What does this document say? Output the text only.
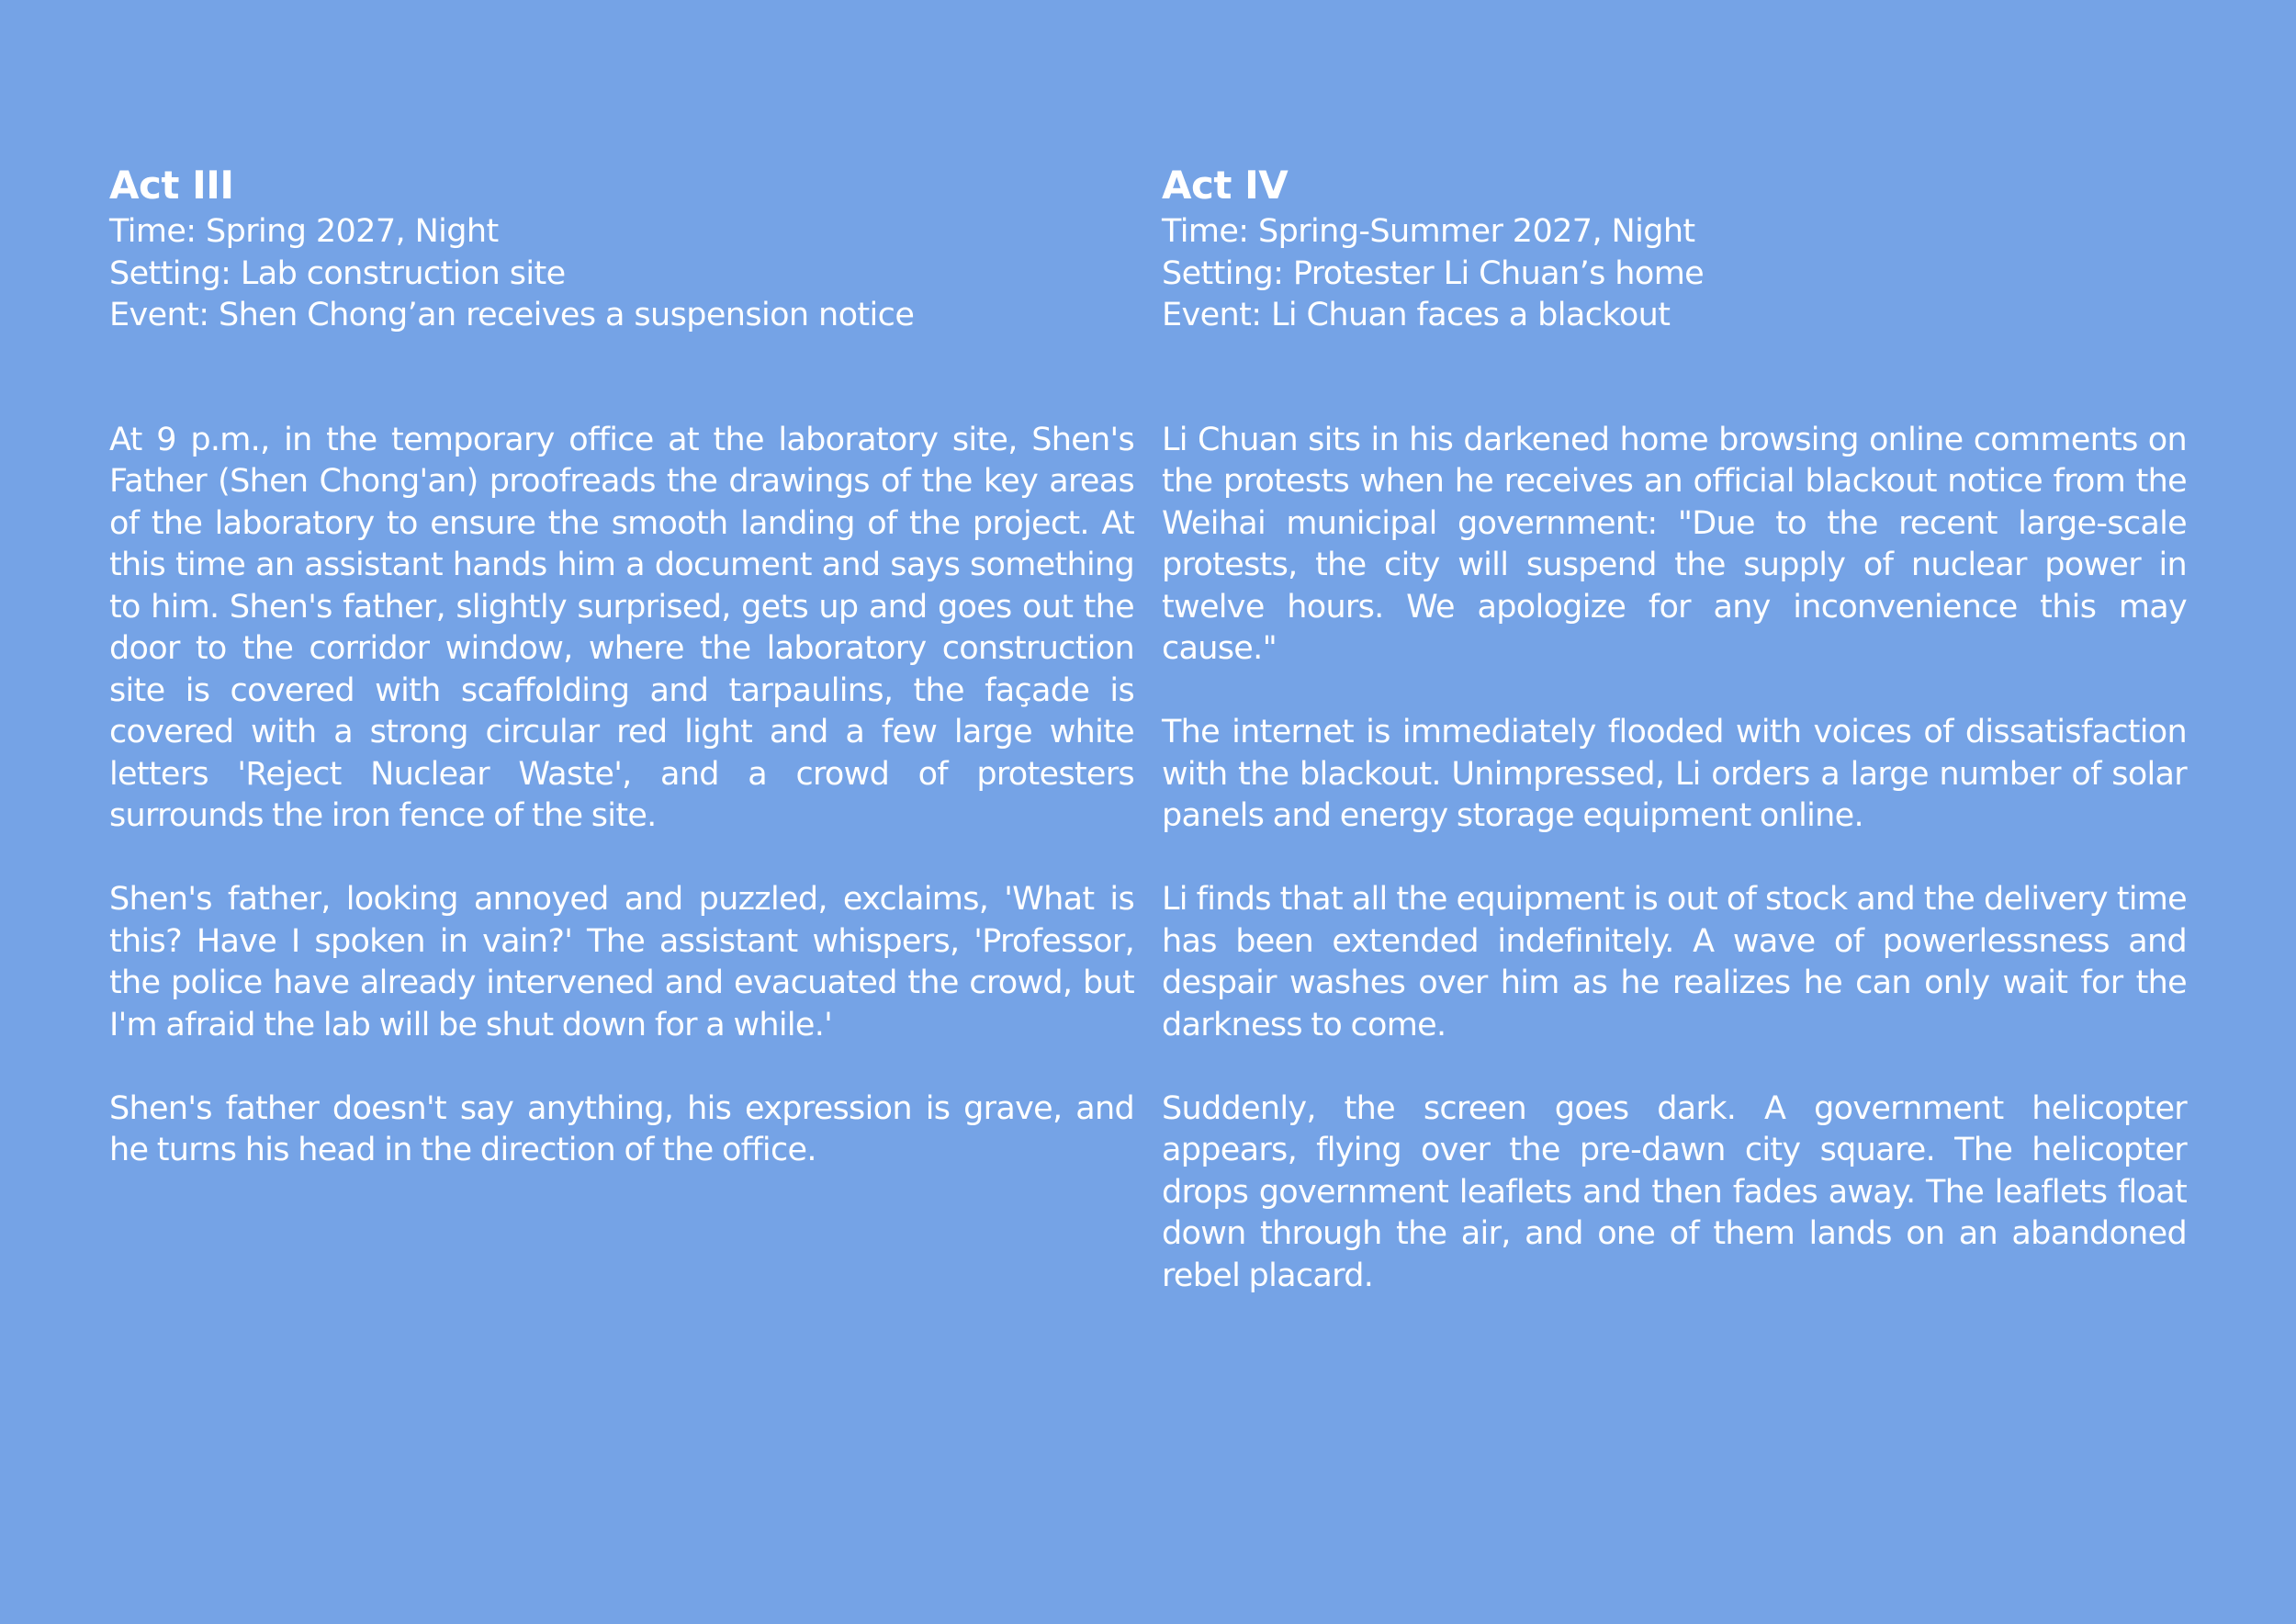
Act III

Time: Spring 2027, Night

Setting: Lab construction site

Event: Shen Chong’an receives a suspension notice

At 9 p.m., in the temporary office at the laboratory site, Shen's Father (Shen Chong'an) proofreads the drawings of the key areas of the laboratory to ensure the smooth landing of the project. At this time an assistant hands him a document and says something to him. Shen's father, slightly surprised, gets up and goes out the door to the corridor window, where the laboratory construction site is covered with scaffolding and tarpaulins, the façade is covered with a strong circular red light and a few large white letters 'Reject Nuclear Waste', and a crowd of protesters surrounds the iron fence of the site.

Shen's father, looking annoyed and puzzled, exclaims, 'What is this? Have I spoken in vain?' The assistant whispers, 'Professor, the police have already intervened and evacuated the crowd, but I'm afraid the lab will be shut down for a while.'

Shen's father doesn't say anything, his expression is grave, and he turns his head in the direction of the office.

Act IV

Time: Spring-Summer 2027, Night

Setting: Protester Li Chuan’s home

Event: Li Chuan faces a blackout

Li Chuan sits in his darkened home browsing online comments on the protests when he receives an official blackout notice from the Weihai municipal government: "Due to the recent large-scale protests, the city will suspend the supply of nuclear power in twelve hours. We apologize for any inconvenience this may cause."

The internet is immediately flooded with voices of dissatisfaction with the blackout. Unimpressed, Li orders a large number of solar panels and energy storage equipment online.

Li finds that all the equipment is out of stock and the delivery time has been extended indefinitely. A wave of powerlessness and despair washes over him as he realizes he can only wait for the darkness to come.

Suddenly, the screen goes dark. A government helicopter appears, flying over the pre-dawn city square. The helicopter drops government leaflets and then fades away. The leaflets float down through the air, and one of them lands on an abandoned rebel placard.
